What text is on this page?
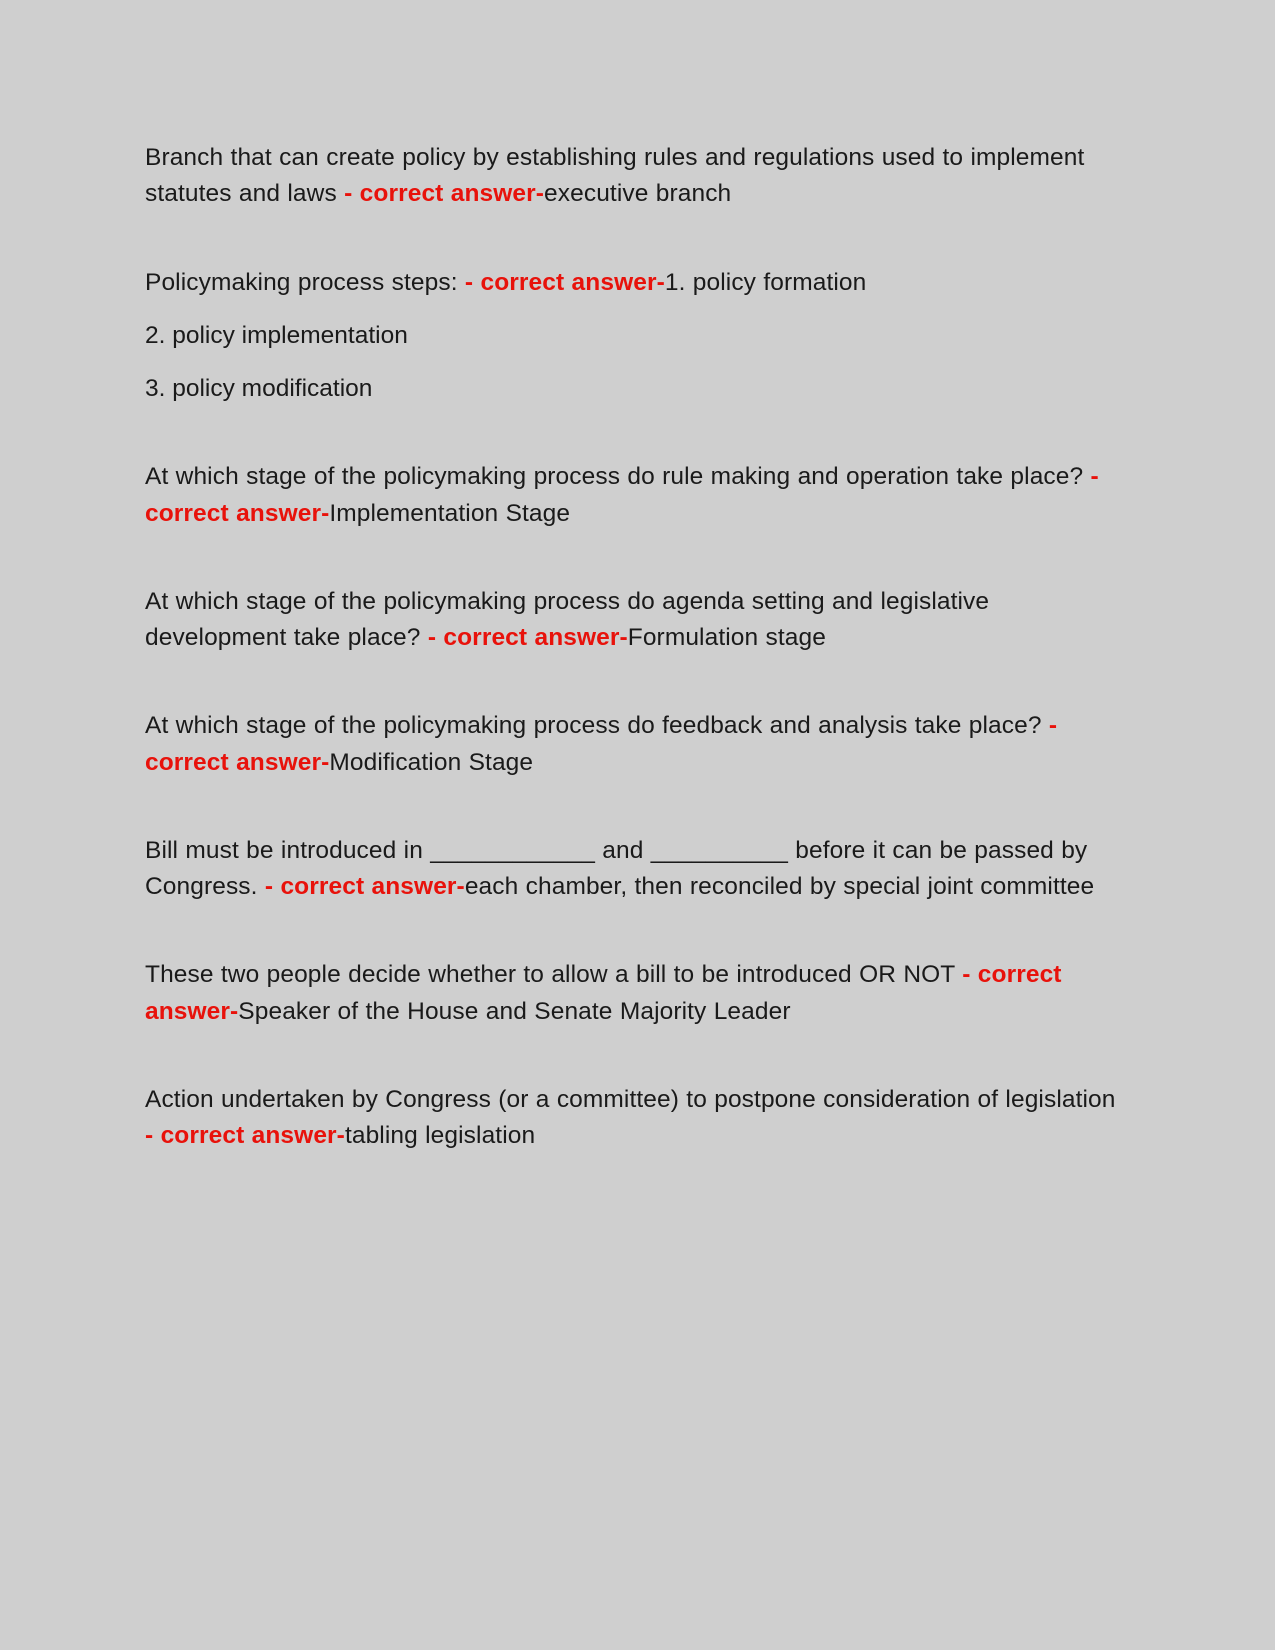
Branch that can create policy by establishing rules and regulations used to implement statutes and laws - correct answer-executive branch

Policymaking process steps: - correct answer-1. policy formation

2. policy implementation

3. policy modification

At which stage of the policymaking process do rule making and operation take place? - correct answer-Implementation Stage

At which stage of the policymaking process do agenda setting and legislative development take place? - correct answer-Formulation stage

At which stage of the policymaking process do feedback and analysis take place? - correct answer-Modification Stage

Bill must be introduced in ____________ and __________ before it can be passed by Congress. - correct answer-each chamber, then reconciled by special joint committee

These two people decide whether to allow a bill to be introduced OR NOT - correct answer-Speaker of the House and Senate Majority Leader

Action undertaken by Congress (or a committee) to postpone consideration of legislation - correct answer-tabling legislation
